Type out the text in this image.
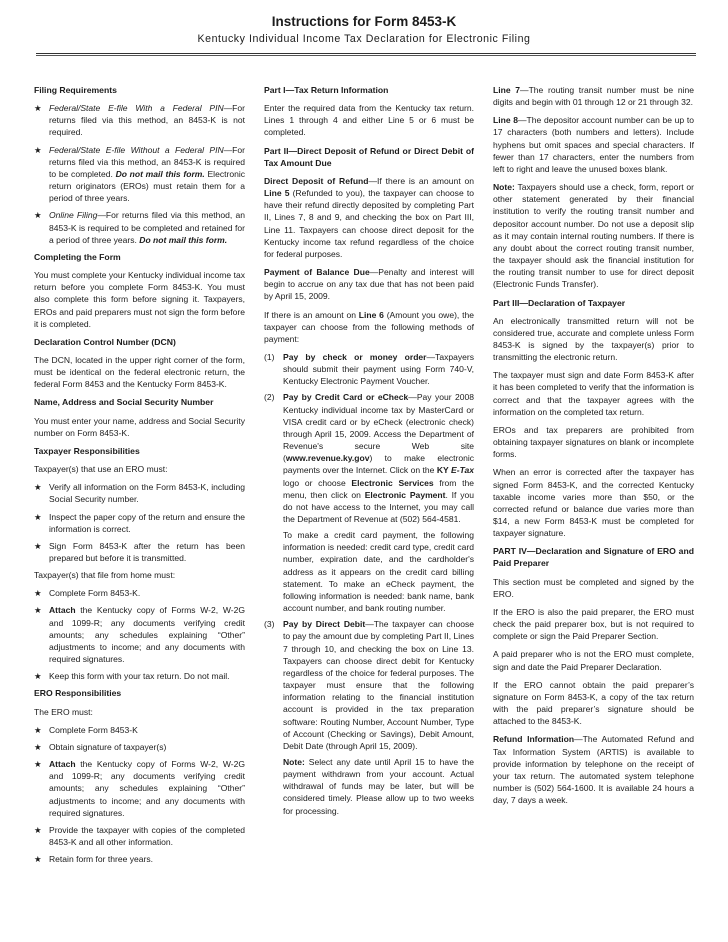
Instructions for Form 8453-K
Kentucky Individual Income Tax Declaration for Electronic Filing
Filing Requirements
★ Federal/State E-file With a Federal PIN—For returns filed via this method, an 8453-K is not required.
★ Federal/State E-file Without a Federal PIN—For returns filed via this method, an 8453-K is required to be completed. Do not mail this form. Electronic return originators (EROs) must retain them for a period of three years.
★ Online Filing—For returns filed via this method, an 8453-K is required to be completed and retained for a period of three years. Do not mail this form.
Completing the Form

You must complete your Kentucky individual income tax return before you complete Form 8453-K. You must also complete this form before signing it. Taxpayers, EROs and paid preparers must not sign the form before it is completed.

Declaration Control Number (DCN)

The DCN, located in the upper right corner of the form, must be identical on the federal electronic return, the federal Form 8453 and the Kentucky Form 8453-K.

Name, Address and Social Security Number

You must enter your name, address and Social Security number on Form 8453-K.

Taxpayer Responsibilities

Taxpayer(s) that use an ERO must:

★ Verify all information on the Form 8453-K, including Social Security number.
★ Inspect the paper copy of the return and ensure the information is correct.
★ Sign Form 8453-K after the return has been prepared but before it is transmitted.

Taxpayer(s) that file from home must:

★ Complete Form 8453-K.
★ Attach the Kentucky copy of Forms W-2, W-2G and 1099-R; any documents verifying credit amounts; any schedules explaining “Other” adjustments to income; and any documents with required signatures.
★ Keep this form with your tax return. Do not mail.
ERO Responsibilities

The ERO must:

★ Complete Form 8453-K
★ Obtain signature of taxpayer(s)
★ Attach the Kentucky copy of Forms W-2, W-2G and 1099-R; any documents verifying credit amounts; any schedules explaining “Other” adjustments to income; and any documents with required signatures.
★ Provide the taxpayer with copies of the completed 8453-K and all other information.
★ Retain form for three years.
Part I—Tax Return Information

Enter the required data from the Kentucky tax return. Lines 1 through 4 and either Line 5 or 6 must be completed.

Part II—Direct Deposit of Refund or Direct Debit of Tax Amount Due

Direct Deposit of Refund—If there is an amount on Line 5 (Refunded to you), the taxpayer can choose to have their refund directly deposited by completing Part II, Lines 7, 8 and 9, and checking the box on Part III, Line 11. Taxpayers can choose direct deposit for the Kentucky income tax refund regardless of the choice for federal purposes.

Payment of Balance Due—Penalty and interest will begin to accrue on any tax due that has not been paid by April 15, 2009.

If there is an amount on Line 6 (Amount you owe), the taxpayer can choose from the following methods of payment:

(1) Pay by check or money order—Taxpayers should submit their payment using Form 740-V, Kentucky Electronic Payment Voucher.

(2) Pay by Credit Card or eCheck—Pay your 2008 Kentucky individual income tax by MasterCard or VISA credit card or by eCheck (electronic check) through April 15, 2009. Access the Department of Revenue's secure Web site (www.revenue.ky.gov) to make electronic payments over the Internet. Click on the KY E-Tax logo or choose Electronic Services from the menu, then click on Electronic Payment. If you do not have access to the Internet, you may call the Department of Revenue at (502) 564-4581.

To make a credit card payment, the following information is needed: credit card type, credit card number, expiration date, and the cardholder's address as it appears on the credit card billing statement. To make an eCheck payment, the following information is needed: bank name, bank account number, and bank routing number.

(3) Pay by Direct Debit—The taxpayer can choose to pay the amount due by completing Part II, Lines 7 through 10, and checking the box on Line 13. Taxpayers can choose direct debit for Kentucky regardless of the choice for federal purposes. The taxpayer must ensure that the following information relating to the financial institution account is provided in the tax preparation software: Routing Number, Account Number, Type of Account (Checking or Savings), Debit Amount, Debit Date (through April 15, 2009).

Note: Select any date until April 15 to have the payment withdrawn from your account. Actual withdrawal of funds may be later, but will be considered timely. Please allow up to two weeks for processing.

Line 7—The routing transit number must be nine digits and begin with 01 through 12 or 21 through 32.

Line 8—The depositor account number can be up to 17 characters (both numbers and letters). Include hyphens but omit spaces and special characters. If fewer than 17 characters, enter the numbers from left to right and leave the unused boxes blank.

Note: Taxpayers should use a check, form, report or other statement generated by their financial institution to verify the routing transit number and depositor account number. Do not use a deposit slip as it may contain internal routing numbers. If there is any doubt about the correct routing transit number, the taxpayer should ask the financial institution for the routing transit number to use for direct deposit (Electronic Funds Transfer).

Part III—Declaration of Taxpayer

An electronically transmitted return will not be considered true, accurate and complete unless Form 8453-K is signed by the taxpayer(s) prior to transmitting the electronic return.

The taxpayer must sign and date Form 8453-K after it has been completed to verify that the information is correct and that the taxpayer agrees with the information on the completed tax return.

EROs and tax preparers are prohibited from obtaining taxpayer signatures on blank or incomplete forms.

When an error is corrected after the taxpayer has signed Form 8453-K, and the corrected Kentucky taxable income varies more than $50, or the corrected refund or balance due varies more than $14, a new Form 8453-K must be completed for taxpayer signature.

PART IV—Declaration and Signature of ERO and Paid Preparer

This section must be completed and signed by the ERO.

If the ERO is also the paid preparer, the ERO must check the paid preparer box, but is not required to complete or sign the Paid Preparer Section.

A paid preparer who is not the ERO must complete, sign and date the Paid Preparer Declaration.

If the ERO cannot obtain the paid preparer’s signature on Form 8453-K, a copy of the tax return with the paid preparer’s signature should be attached to the 8453-K.

Refund Information—The Automated Refund and Tax Information System (ARTIS) is available to provide information by telephone on the receipt of your tax return. The automated system telephone number is (502) 564-1600. It is available 24 hours a day, 7 days a week.
